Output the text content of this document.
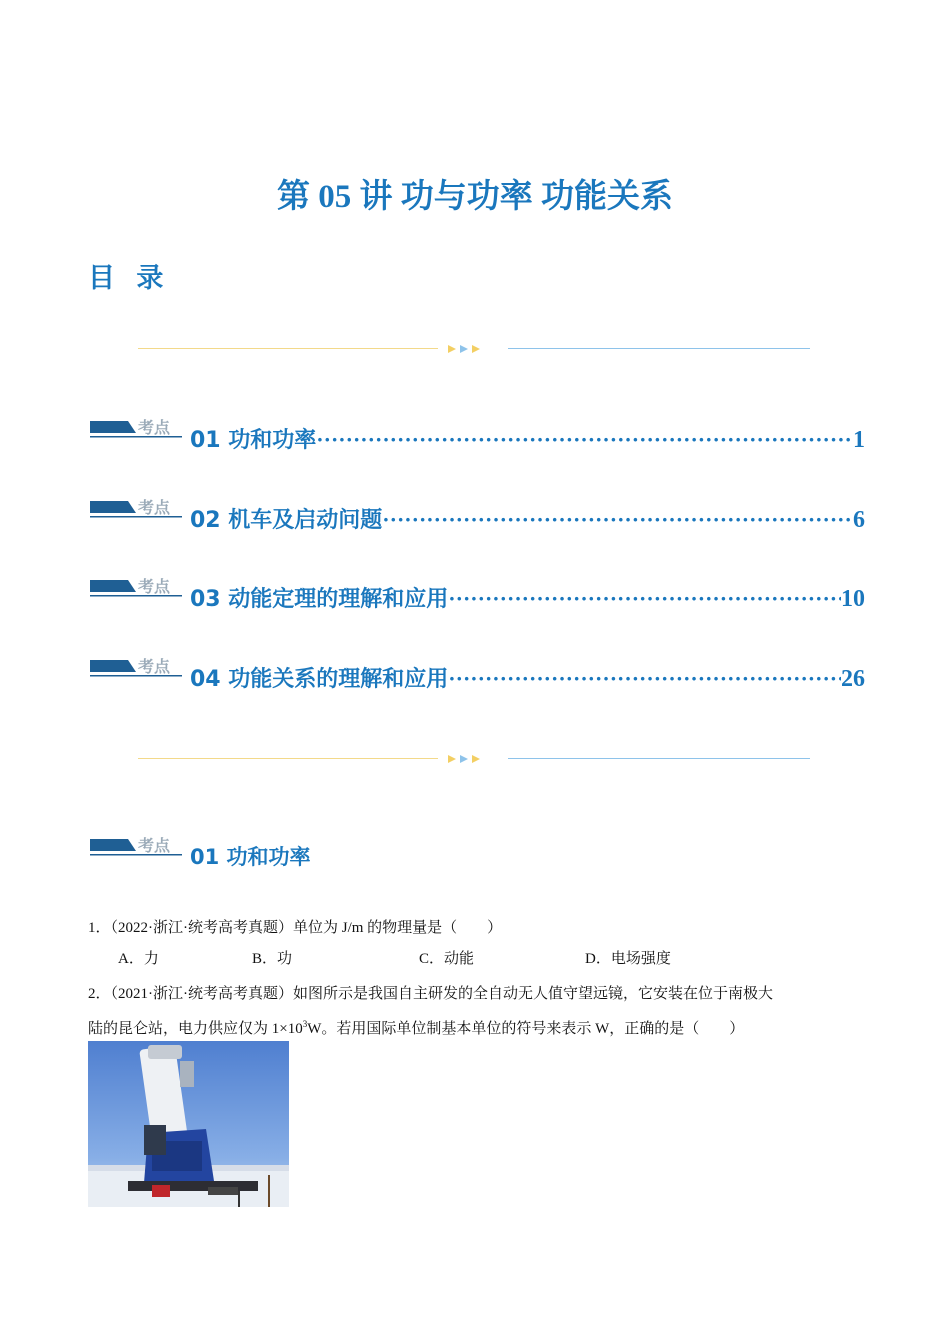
第 05 讲 功与功率 功能关系
目 录
考点
01 功和功率 ·····	1
考点
02 机车及启动问题 ·····	6
考点
03 动能定理的理解和应用 ·····	10
考点
04 功能关系的理解和应用 ·····	26
考点 01 功和功率
1．（2022·浙江·统考高考真题）单位为 J/m 的物理量是（　　）
A．力	B．功	C．动能	D．电场强度
2．（2021·浙江·统考高考真题）如图所示是我国自主研发的全自动无人值守望远镜，它安装在位于南极大
陆的昆仑站，电力供应仅为 $1\times 10^3W$。若用国际单位制基本单位的符号来表示 W，正确的是（　　）
